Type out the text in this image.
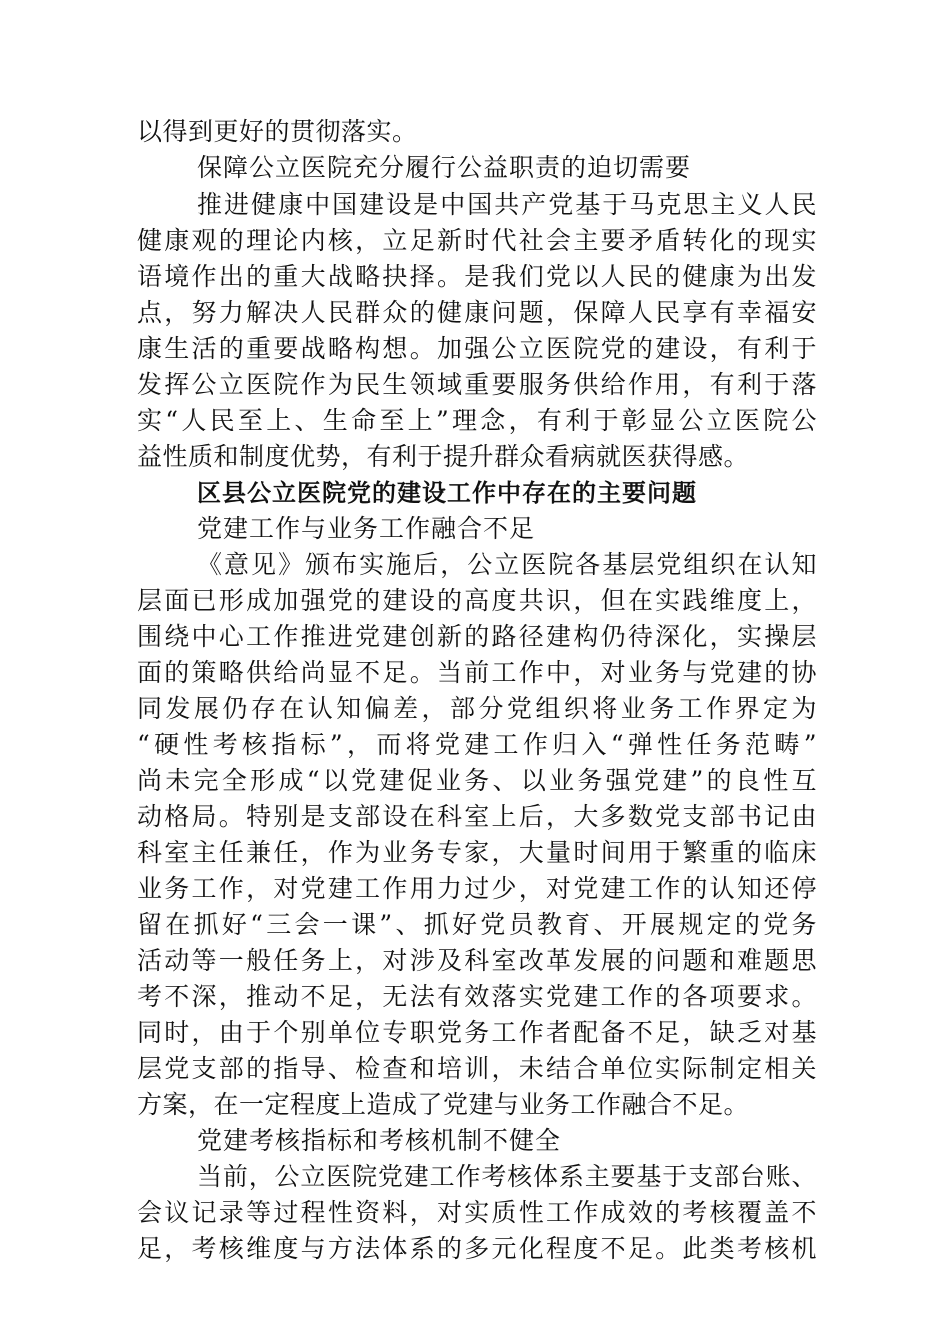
以得到更好的贯彻落实。
保障公立医院充分履行公益职责的迫切需要
推进健康中国建设是中国共产党基于马克思主义人民
健康观的理论内核，立足新时代社会主要矛盾转化的现实
语境作出的重大战略抉择。是我们党以人民的健康为出发
点，努力解决人民群众的健康问题，保障人民享有幸福安
康生活的重要战略构想。加强公立医院党的建设，有利于
发挥公立医院作为民生领域重要服务供给作用，有利于落
实“人民至上、生命至上”理念，有利于彰显公立医院公
益性质和制度优势，有利于提升群众看病就医获得感。
区县公立医院党的建设工作中存在的主要问题
党建工作与业务工作融合不足
《意见》颁布实施后，公立医院各基层党组织在认知
层面已形成加强党的建设的高度共识，但在实践维度上，
围绕中心工作推进党建创新的路径建构仍待深化，实操层
面的策略供给尚显不足。当前工作中，对业务与党建的协
同发展仍存在认知偏差，部分党组织将业务工作界定为
“硬性考核指标”，而将党建工作归入“弹性任务范畴”
尚未完全形成“以党建促业务、以业务强党建”的良性互
动格局。特别是支部设在科室上后，大多数党支部书记由
科室主任兼任，作为业务专家，大量时间用于繁重的临床
业务工作，对党建工作用力过少，对党建工作的认知还停
留在抓好“三会一课”、抓好党员教育、开展规定的党务
活动等一般任务上，对涉及科室改革发展的问题和难题思
考不深，推动不足，无法有效落实党建工作的各项要求。
同时，由于个别单位专职党务工作者配备不足，缺乏对基
层党支部的指导、检查和培训，未结合单位实际制定相关
方案，在一定程度上造成了党建与业务工作融合不足。
党建考核指标和考核机制不健全
当前，公立医院党建工作考核体系主要基于支部台账、
会议记录等过程性资料，对实质性工作成效的考核覆盖不
足，考核维度与方法体系的多元化程度不足。此类考核机
